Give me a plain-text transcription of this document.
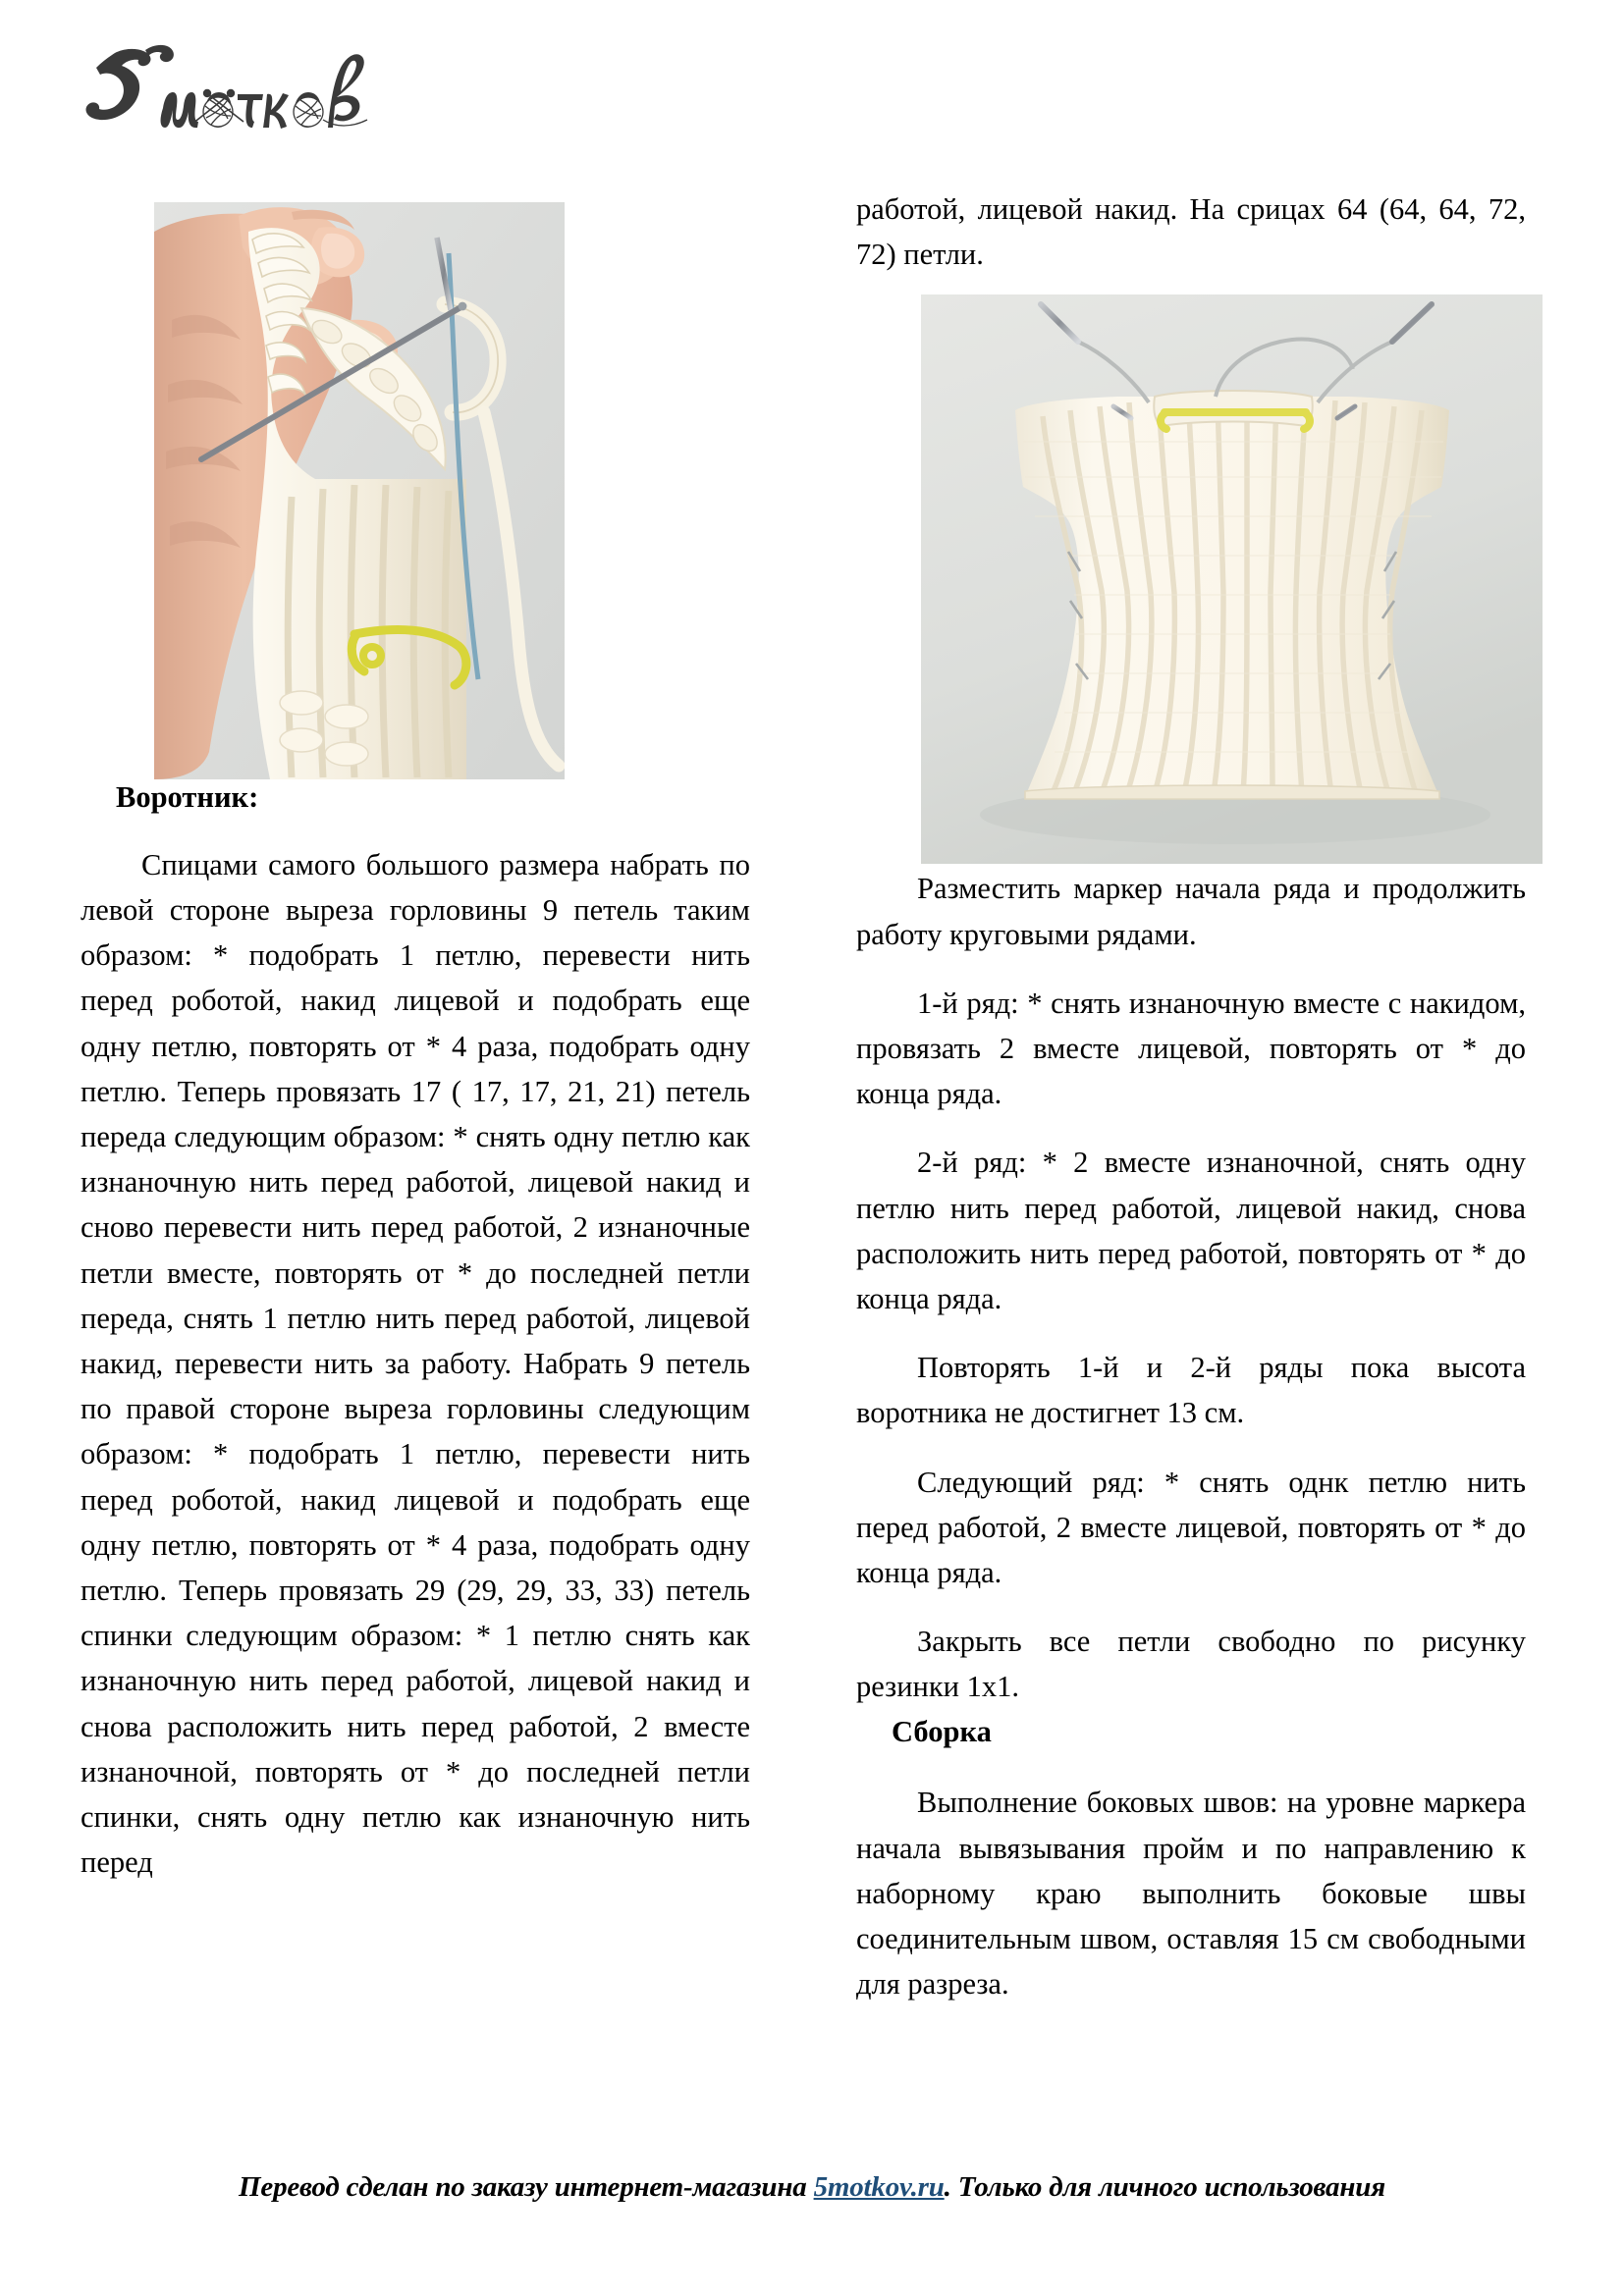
Воротник:

Спицами самого большого размера набрать по левой стороне выреза горловины 9 петель таким образом: * подобрать 1 петлю, перевести нить перед роботой, накид лицевой и подобрать еще одну петлю, повторять от * 4 раза, подобрать одну петлю. Теперь провязать 17 ( 17, 17, 21, 21) петель переда следующим образом: * снять одну петлю как изнаночную нить перед работой, лицевой накид и сново перевести нить перед работой, 2 изнаночные петли вместе, повторять от * до последней петли переда, снять 1 петлю нить перед работой, лицевой накид, перевести нить за работу. Набрать 9 петель по правой стороне выреза горловины следующим образом: * подобрать 1 петлю, перевести нить перед роботой, накид лицевой и подобрать еще одну петлю, повторять от * 4 раза, подобрать одну петлю. Теперь провязать 29 (29, 29, 33, 33) петель спинки следующим образом: * 1 петлю снять как изнаночную нить перед работой, лицевой накид и снова расположить нить перед работой, 2 вместе изнаночной, повторять от * до последней петли спинки, снять одну петлю как изнаночную нить перед

работой, лицевой накид. На срицах 64 (64, 64, 72, 72) петли.

Разместить маркер начала ряда и продолжить работу круговыми рядами.

1-й ряд: * снять изнаночную вместе с накидом, провязать 2 вместе лицевой, повторять от * до конца ряда.

2-й ряд: * 2 вместе изнаночной, снять одну петлю нить перед работой, лицевой накид, снова расположить нить перед работой, повторять от * до конца ряда.

Повторять 1-й и 2-й ряды пока высота воротника не достигнет 13 см.

Следующий ряд: * снять однк петлю нить перед работой, 2 вместе лицевой, повторять от * до конца ряда.

Закрыть все петли свободно по рисунку резинки 1х1.

Сборка

Выполнение боковых швов: на уровне маркера начала вывязывания пройм и по направлению к наборному краю выполнить боковые швы соединительным швом, оставляя 15 см свободными для разреза.

Перевод сделан по заказу интернет-магазина 5motkov.ru. Только для личного использования
